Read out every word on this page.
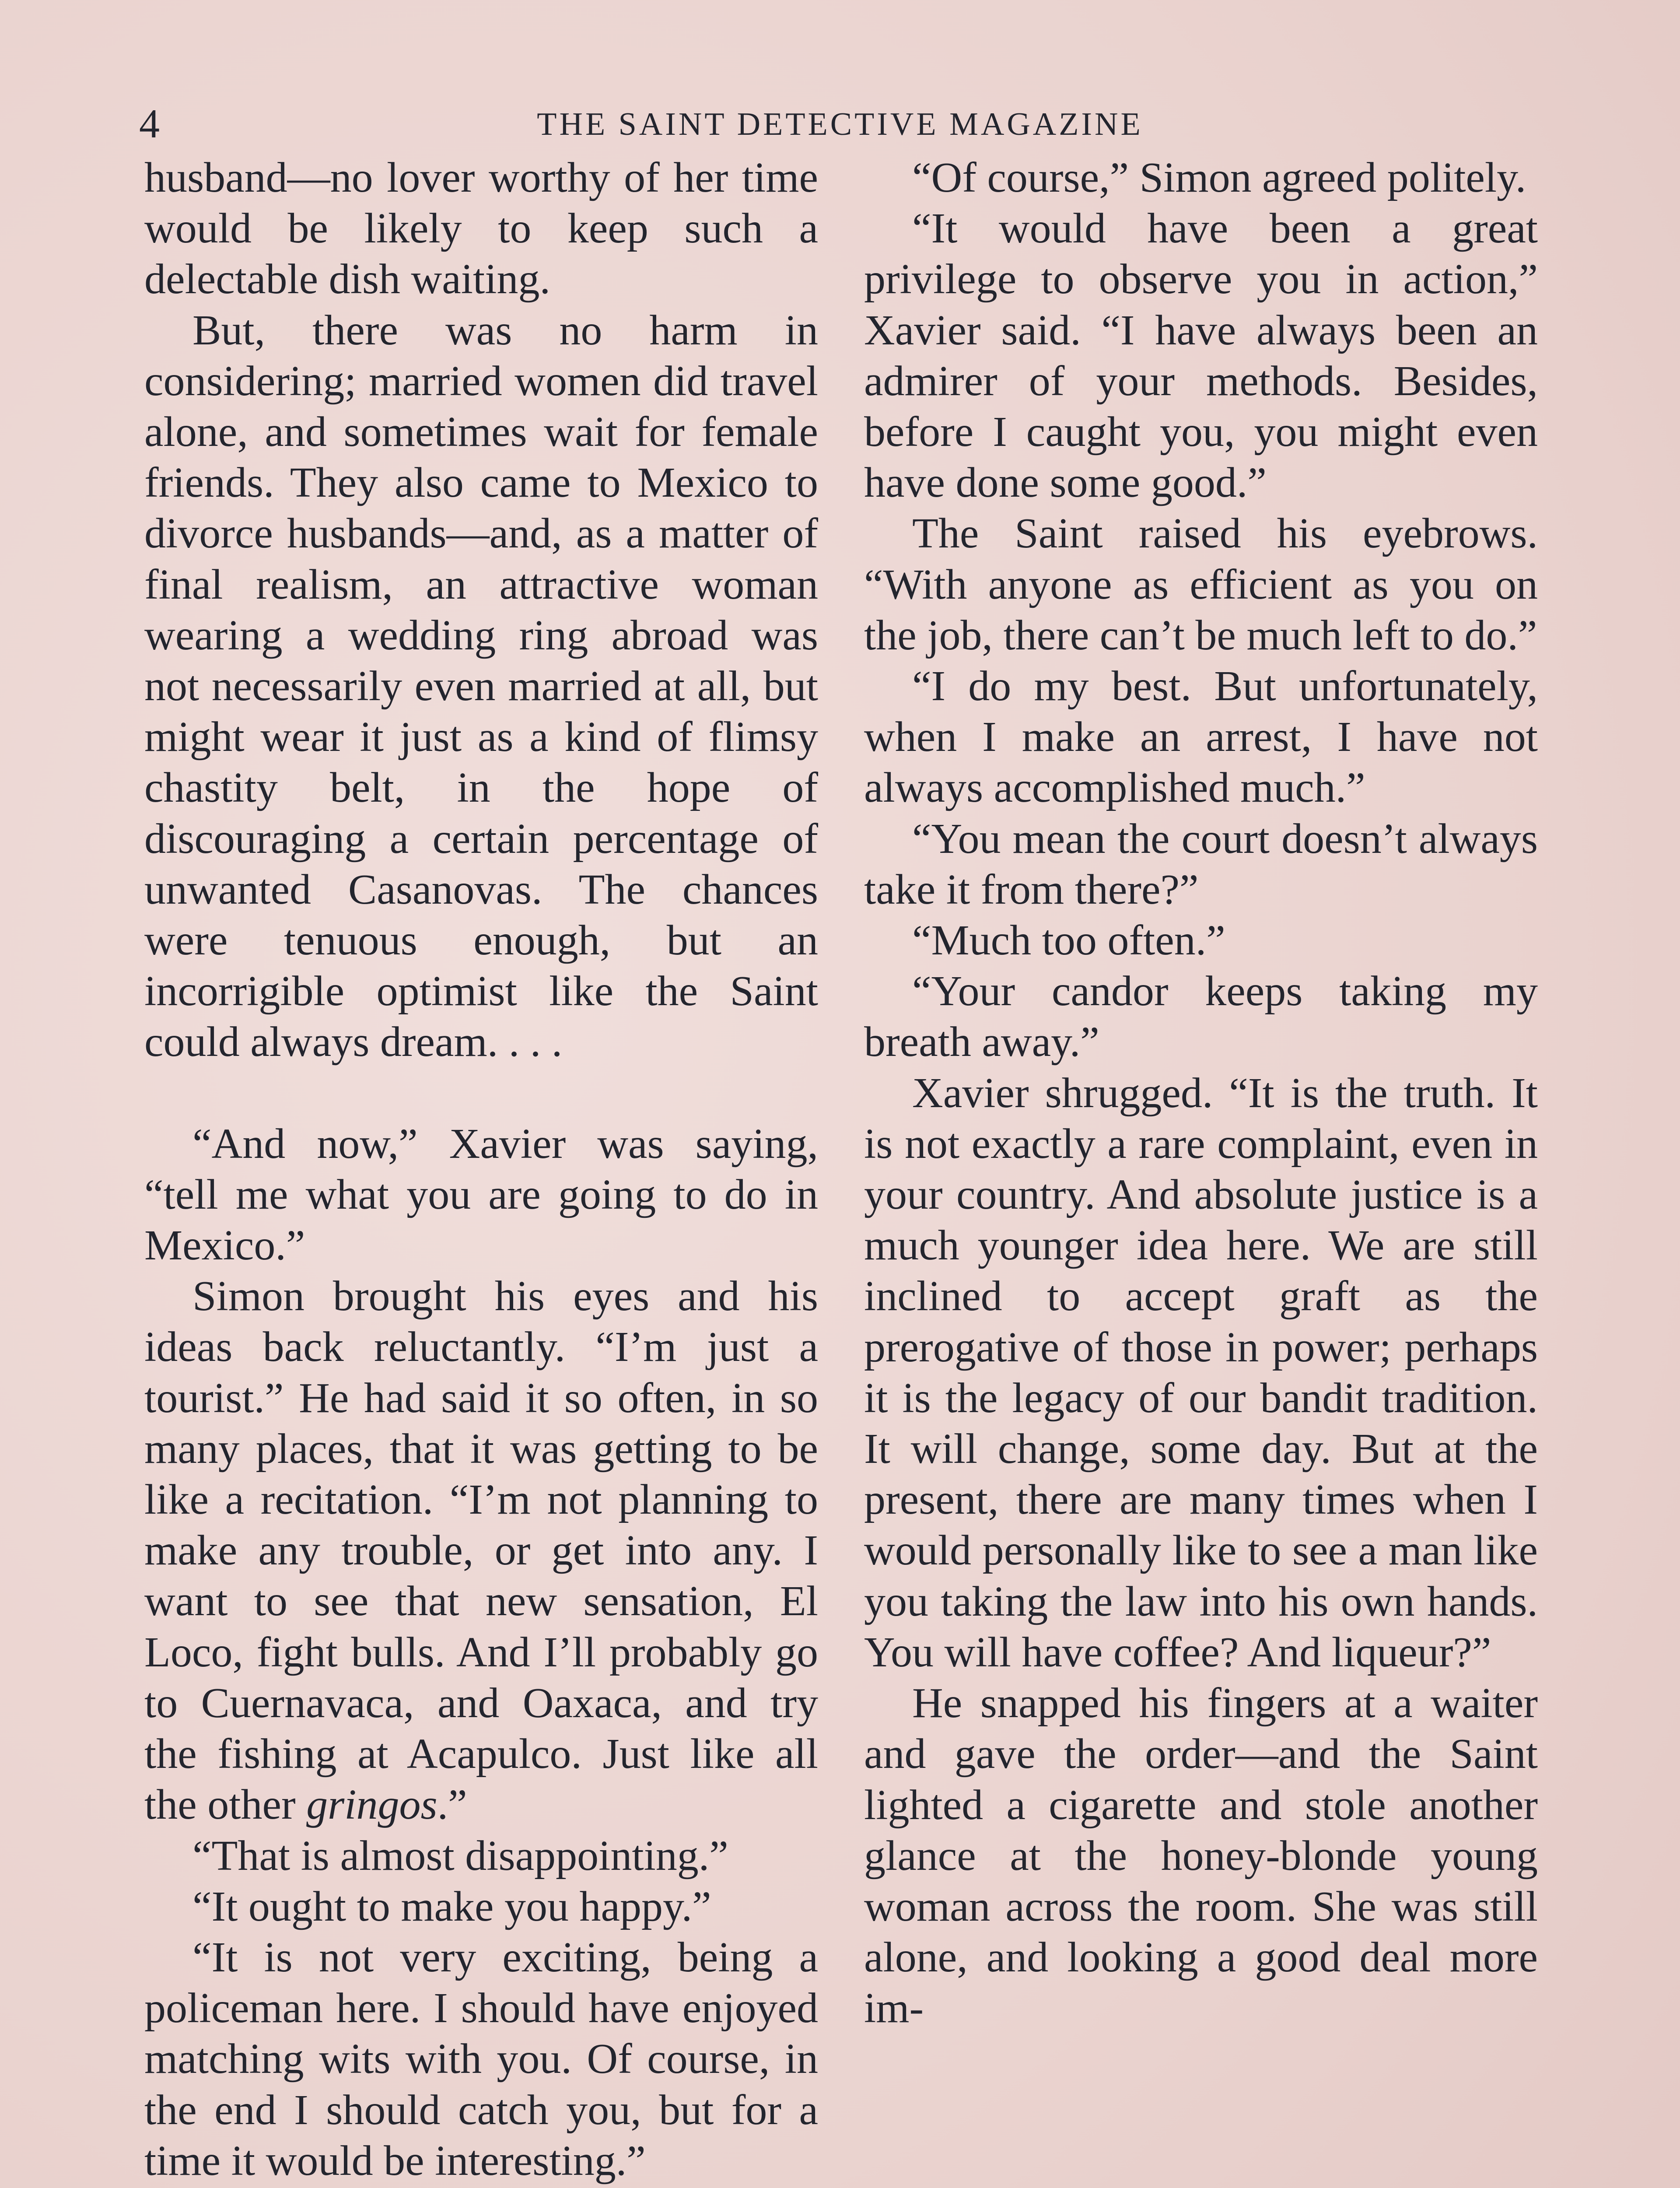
4	THE SAINT DETECTIVE MAGAZINE

husband—no lover worthy of her time would be likely to keep such a delectable dish waiting.

But, there was no harm in considering; married women did travel alone, and sometimes wait for female friends. They also came to Mexico to divorce husbands—and, as a matter of final realism, an attractive woman wearing a wedding ring abroad was not necessarily even married at all, but might wear it just as a kind of flimsy chastity belt, in the hope of discouraging a certain percentage of unwanted Casanovas. The chances were tenuous enough, but an incorrigible optimist like the Saint could always dream. . . .

“And now,” Xavier was saying, “tell me what you are going to do in Mexico.”

Simon brought his eyes and his ideas back reluctantly. “I’m just a tourist.” He had said it so often, in so many places, that it was getting to be like a recitation. “I’m not planning to make any trouble, or get into any. I want to see that new sensation, El Loco, fight bulls. And I’ll probably go to Cuernavaca, and Oaxaca, and try the fishing at Acapulco. Just like all the other gringos.”

“That is almost disappointing.”

“It ought to make you happy.”

“It is not very exciting, being a policeman here. I should have enjoyed matching wits with you. Of course, in the end I should catch you, but for a time it would be interesting.”

“Of course,” Simon agreed politely.

“It would have been a great privilege to observe you in action,” Xavier said. “I have always been an admirer of your methods. Besides, before I caught you, you might even have done some good.”

The Saint raised his eyebrows. “With anyone as efficient as you on the job, there can’t be much left to do.”

“I do my best. But unfortunately, when I make an arrest, I have not always accomplished much.”

“You mean the court doesn’t always take it from there?”

“Much too often.”

“Your candor keeps taking my breath away.”

Xavier shrugged. “It is the truth. It is not exactly a rare complaint, even in your country. And absolute justice is a much younger idea here. We are still inclined to accept graft as the prerogative of those in power; perhaps it is the legacy of our bandit tradition. It will change, some day. But at the present, there are many times when I would personally like to see a man like you taking the law into his own hands. You will have coffee? And liqueur?”

He snapped his fingers at a waiter and gave the order—and the Saint lighted a cigarette and stole another glance at the honey-blonde young woman across the room. She was still alone, and looking a good deal more im-
